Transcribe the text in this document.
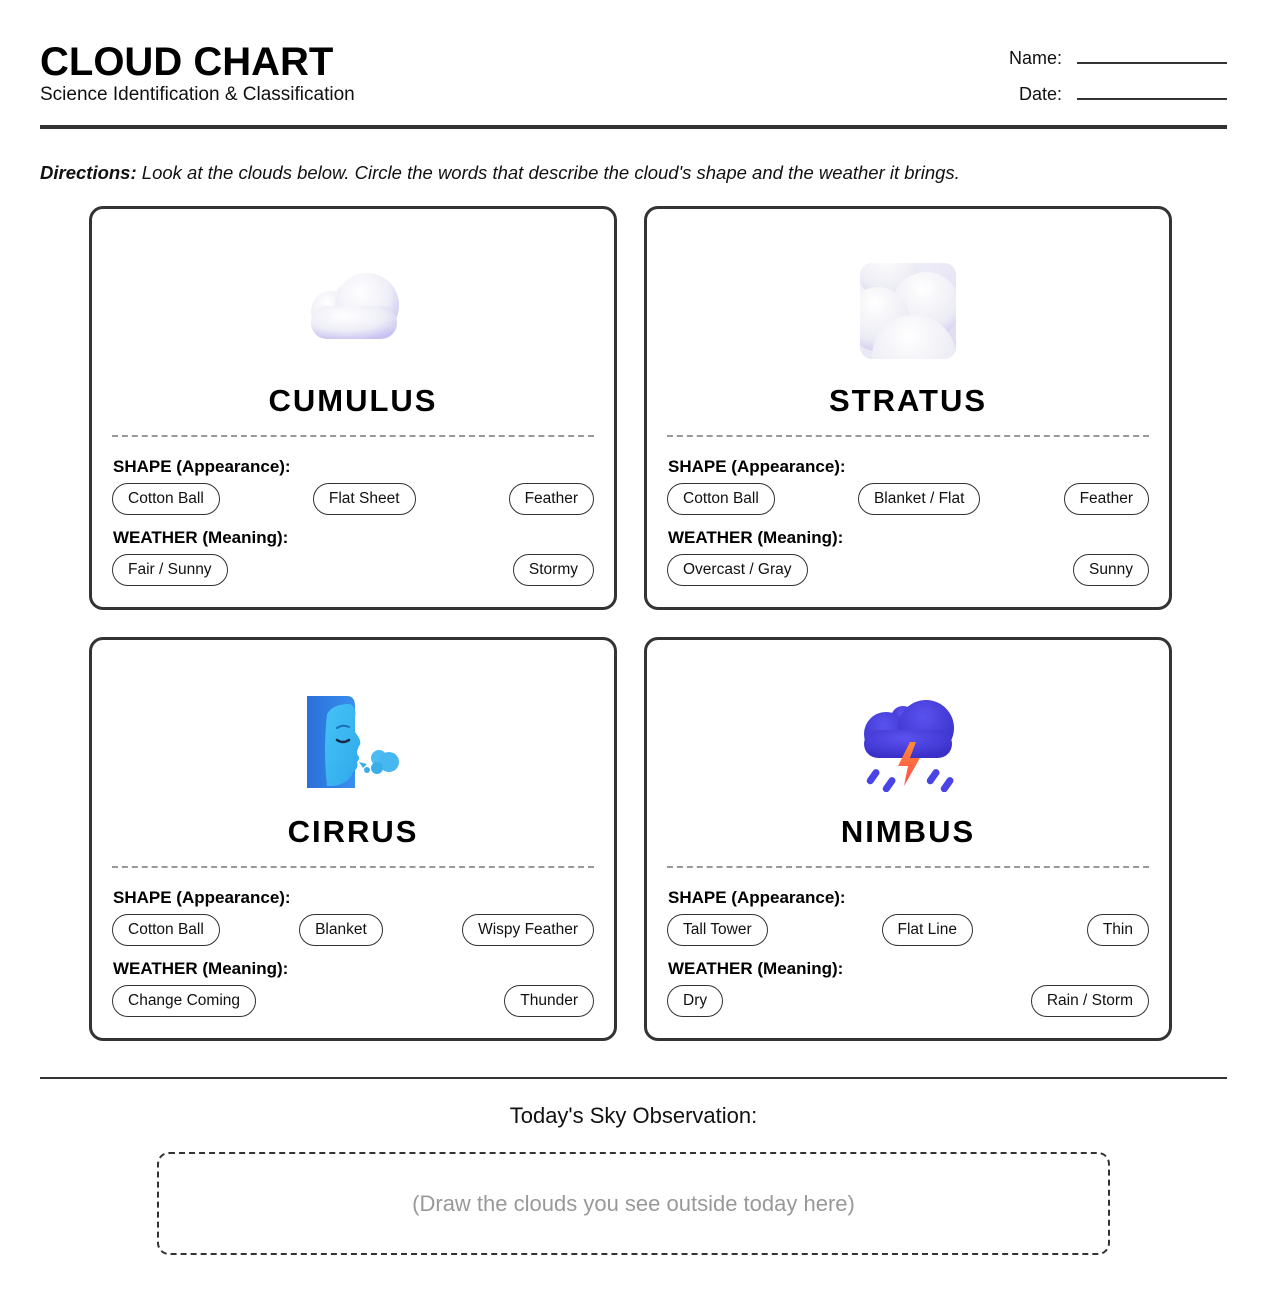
CLOUD CHART
Science Identification & Classification
Name:
Date:
Directions: Look at the clouds below. Circle the words that describe the cloud's shape and the weather it brings.
CUMULUS
SHAPE (Appearance):
Cotton Ball	Flat Sheet	Feather
WEATHER (Meaning):
Fair / Sunny	Stormy
STRATUS
SHAPE (Appearance):
Cotton Ball	Blanket / Flat	Feather
WEATHER (Meaning):
Overcast / Gray	Sunny
CIRRUS
SHAPE (Appearance):
Cotton Ball	Blanket	Wispy Feather
WEATHER (Meaning):
Change Coming	Thunder
NIMBUS
SHAPE (Appearance):
Tall Tower	Flat Line	Thin
WEATHER (Meaning):
Dry	Rain / Storm
Today's Sky Observation:
(Draw the clouds you see outside today here)
